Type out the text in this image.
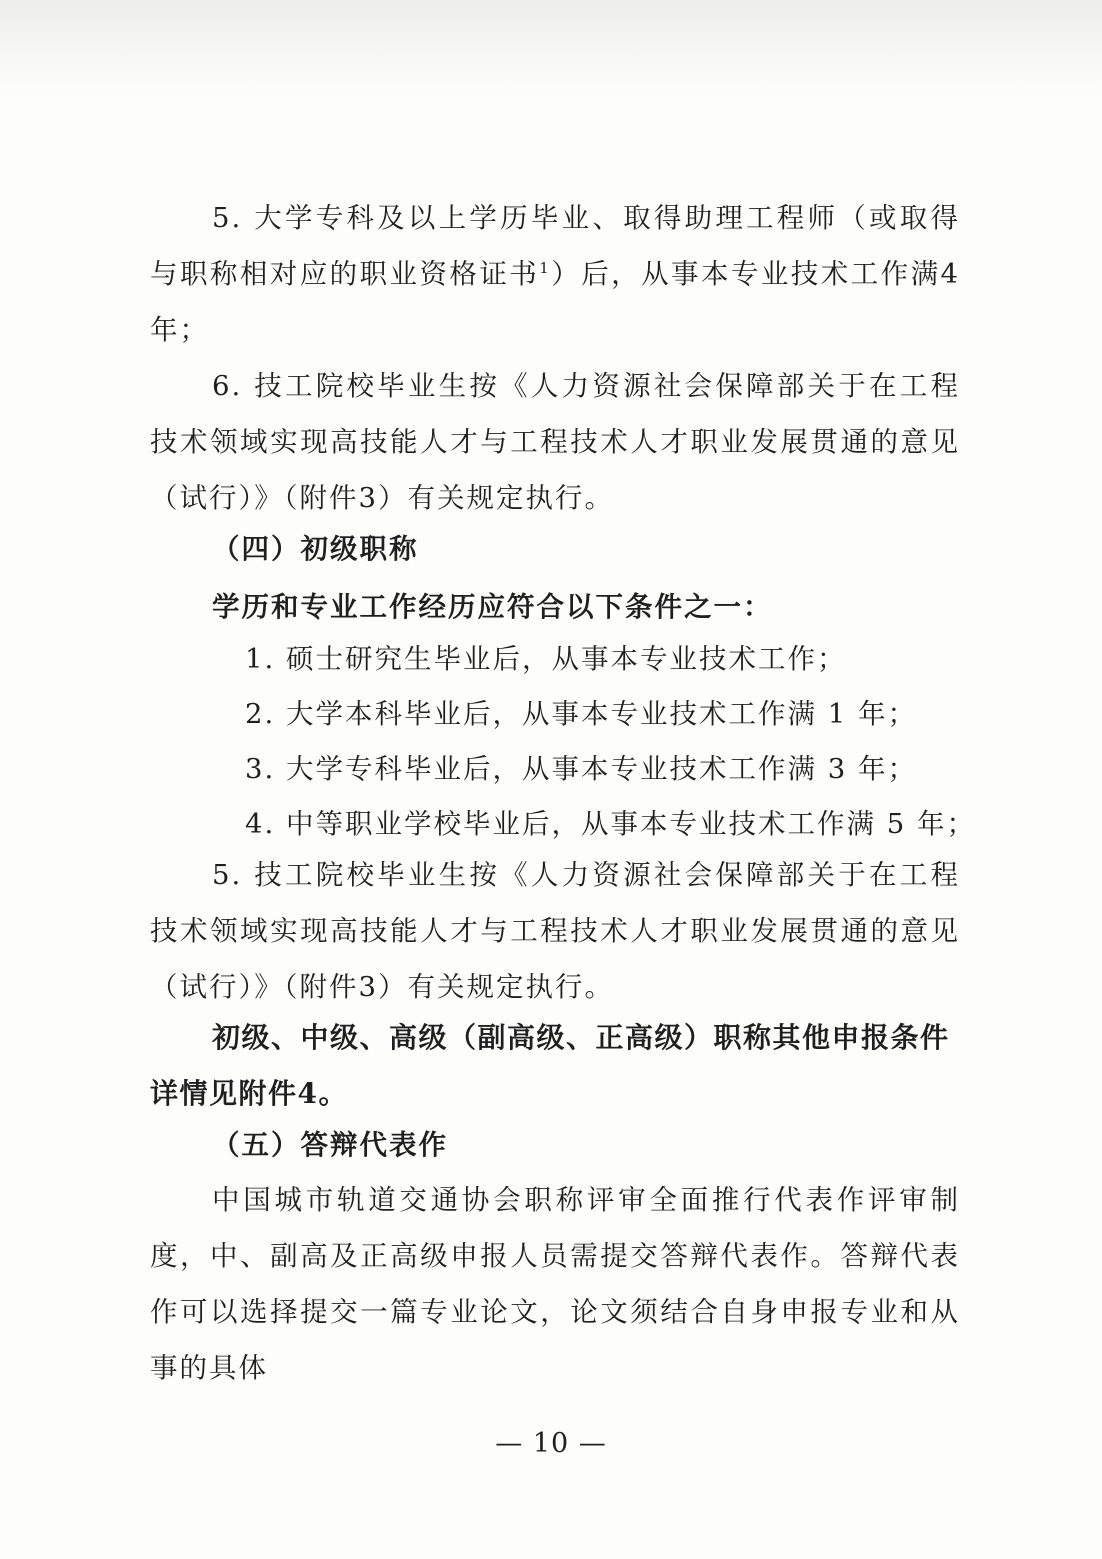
5. 大学专科及以上学历毕业、取得助理工程师（或取得与职称相对应的职业资格证书$^1$）后，从事本专业技术工作满4年；

6. 技工院校毕业生按《人力资源社会保障部关于在工程技术领域实现高技能人才与工程技术人才职业发展贯通的意见（试行）》（附件3）有关规定执行。

（四）初级职称

学历和专业工作经历应符合以下条件之一：

1. 硕士研究生毕业后，从事本专业技术工作；

2. 大学本科毕业后，从事本专业技术工作满 1 年；

3. 大学专科毕业后，从事本专业技术工作满 3 年；

4. 中等职业学校毕业后，从事本专业技术工作满 5 年；

5. 技工院校毕业生按《人力资源社会保障部关于在工程技术领域实现高技能人才与工程技术人才职业发展贯通的意见（试行）》（附件3）有关规定执行。

初级、中级、高级（副高级、正高级）职称其他申报条件详情见附件4。

（五）答辩代表作

中国城市轨道交通协会职称评审全面推行代表作评审制度，中、副高及正高级申报人员需提交答辩代表作。答辩代表作可以选择提交一篇专业论文，论文须结合自身申报专业和从事的具体

— 10 —
